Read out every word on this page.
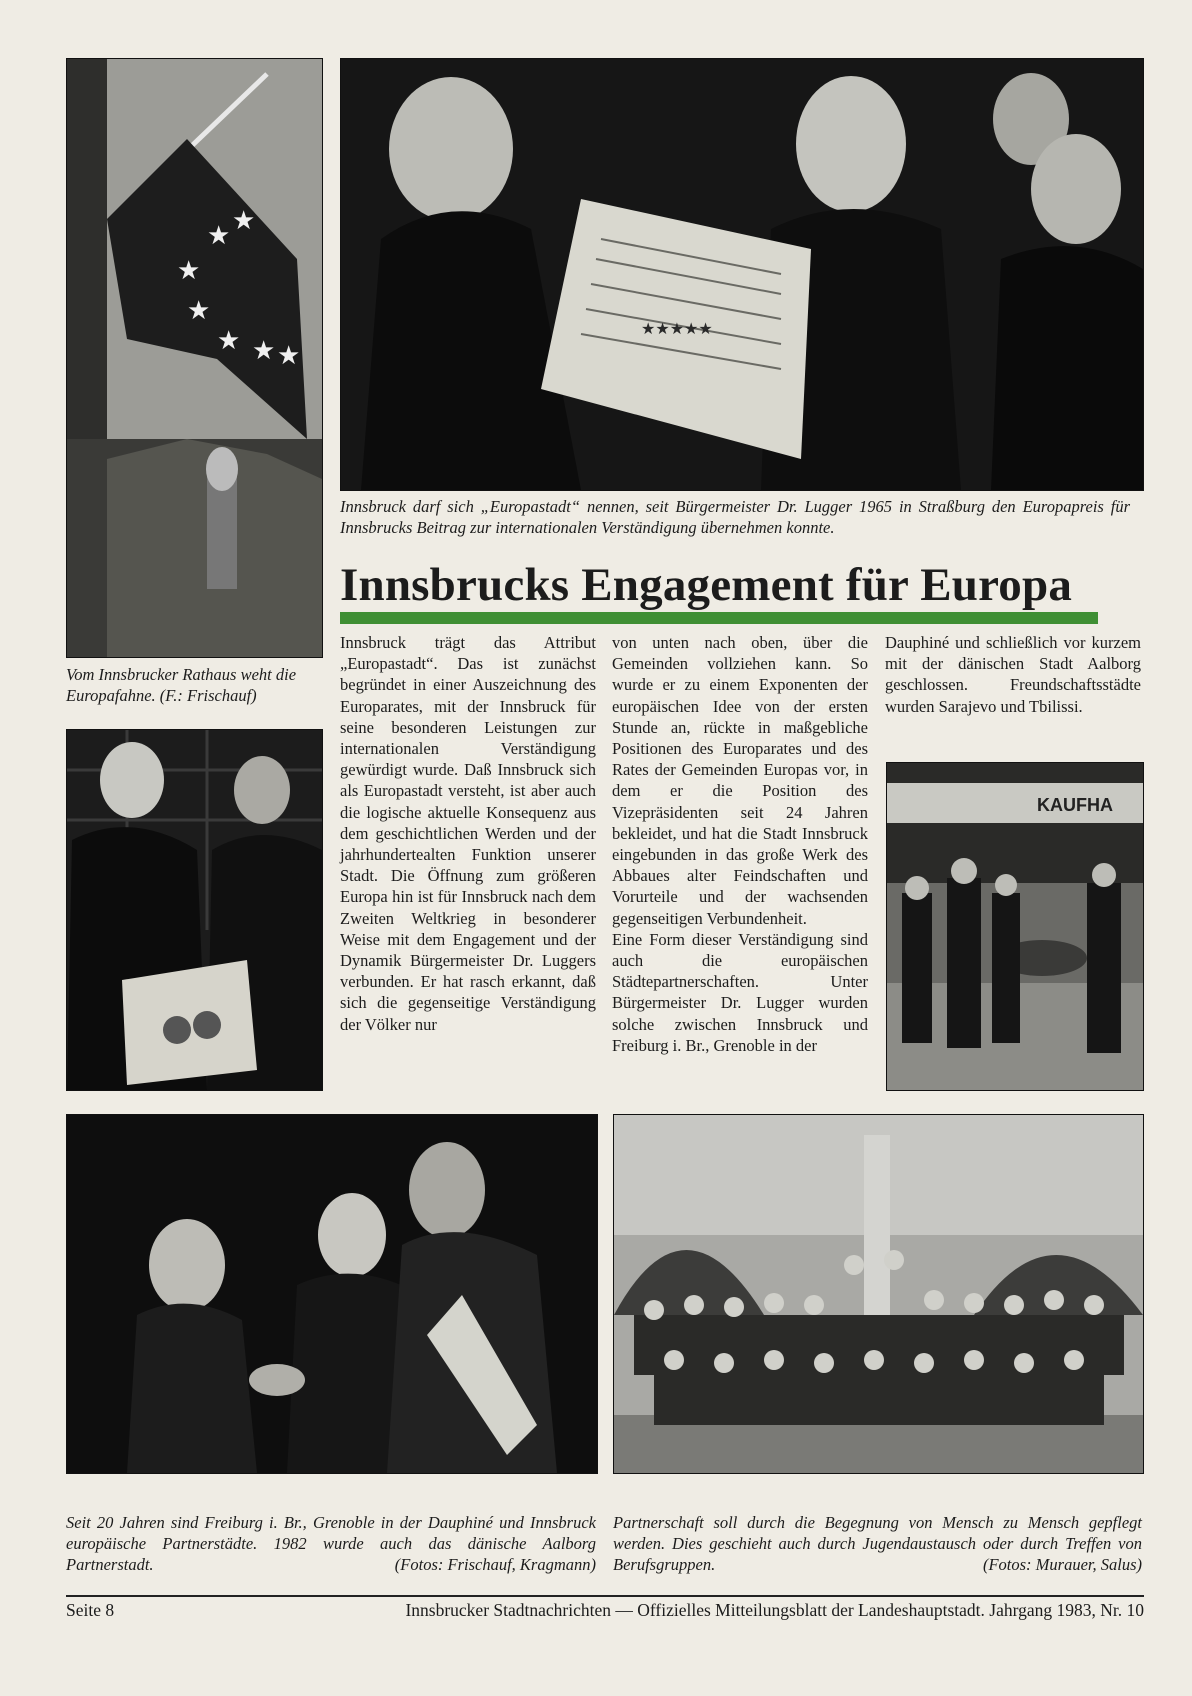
★
★
★
★
★ ★ ★
★★★★★

Innsbruck darf sich „Europastadt“ nennen, seit Bürgermeister Dr. Lugger 1965 in Straßburg den Europapreis für Innsbrucks Beitrag zur internationalen Verständigung übernehmen konnte.

Vom Innsbrucker Rathaus weht die Europafahne. (F.: Frischauf)

Innsbrucks Engagement für Europa

Innsbruck trägt das Attribut „Europastadt“. Das ist zunächst begründet in einer Auszeichnung des Europarates, mit der Innsbruck für seine besonderen Leistungen zur internationalen Verständigung gewürdigt wurde. Daß Innsbruck sich als Europastadt versteht, ist aber auch die logische aktuelle Konsequenz aus dem geschichtlichen Werden und der jahrhundertealten Funktion unserer Stadt. Die Öffnung zum größeren Europa hin ist für Innsbruck nach dem Zweiten Weltkrieg in besonderer Weise mit dem Engagement und der Dynamik Bürgermeister Dr. Luggers verbunden. Er hat rasch erkannt, daß sich die gegenseitige Verständigung der Völker nur

von unten nach oben, über die Gemeinden vollziehen kann. So wurde er zu einem Exponenten der europäischen Idee von der ersten Stunde an, rückte in maßgebliche Positionen des Europarates und des Rates der Gemeinden Europas vor, in dem er die Position des Vizepräsidenten seit 24 Jahren bekleidet, und hat die Stadt Innsbruck eingebunden in das große Werk des Abbaues alter Feindschaften und Vorurteile und der wachsenden gegenseitigen Verbundenheit.

Eine Form dieser Verständigung sind auch die europäischen Städtepartnerschaften. Unter Bürgermeister Dr. Lugger wurden solche zwischen Innsbruck und Freiburg i. Br., Grenoble in der

Dauphiné und schließlich vor kurzem mit der dänischen Stadt Aalborg geschlossen. Freundschaftsstädte wurden Sarajevo und Tbilissi.

KAUFHA
Seit 20 Jahren sind Freiburg i. Br., Grenoble in der Dauphiné und Innsbruck europäische Partnerstädte. 1982 wurde auch das dänische Aalborg Partnerstadt.	(Fotos: Frischauf, Kragmann)
Partnerschaft soll durch die Begegnung von Mensch zu Mensch gepflegt werden. Dies geschieht auch durch Jugendaustausch oder durch Treffen von Berufsgruppen.	(Fotos: Murauer, Salus)
Seite 8	Innsbrucker Stadtnachrichten — Offizielles Mitteilungsblatt der Landeshauptstadt. Jahrgang 1983, Nr. 10
